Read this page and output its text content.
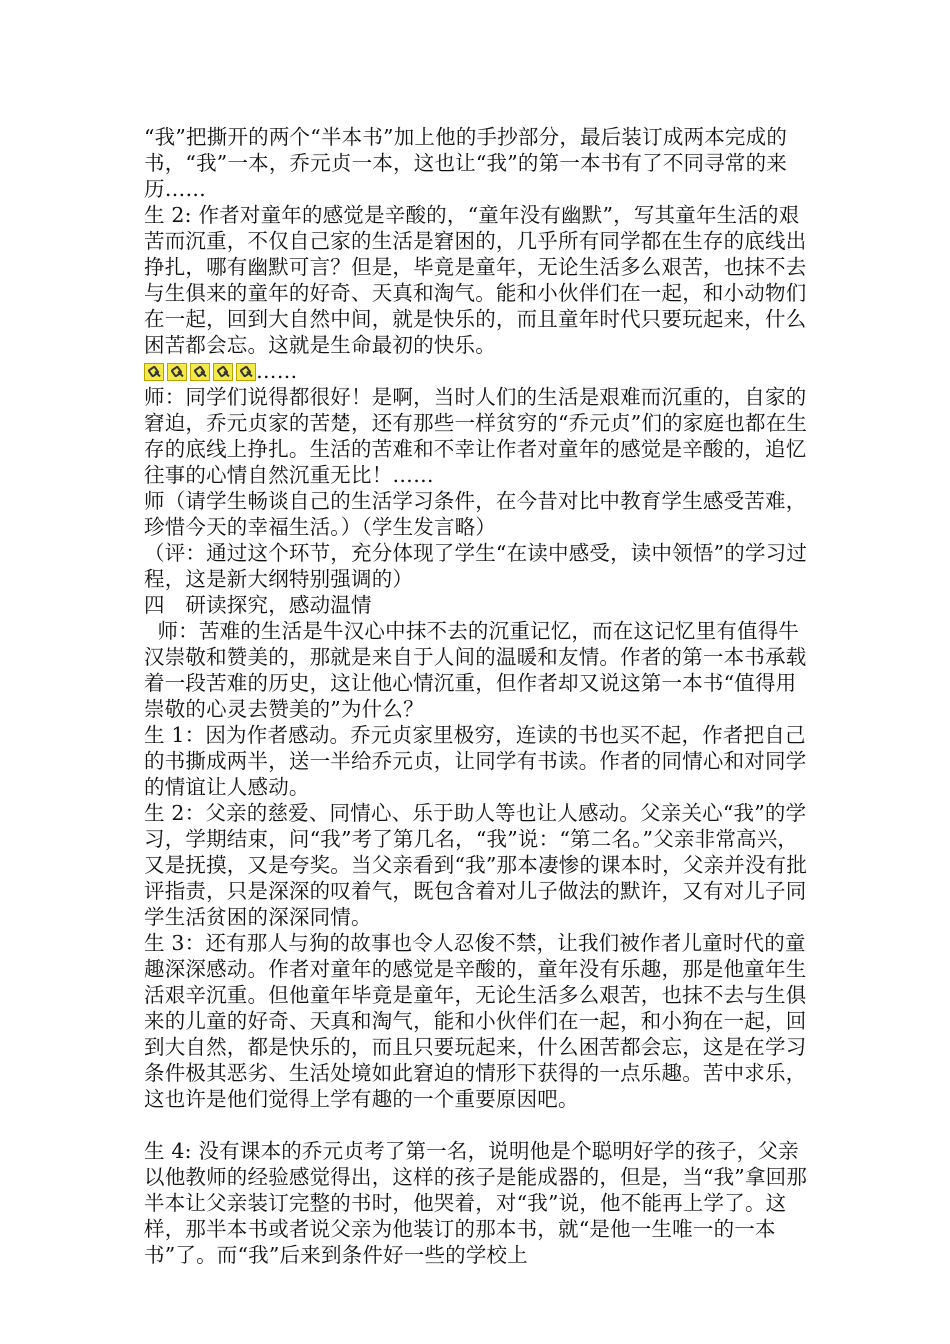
“我”把撕开的两个“半本书”加上他的手抄部分，最后装订成两本完成的书，“我”一本，乔元贞一本，这也让“我”的第一本书有了不同寻常的来历……

生 2: 作者对童年的感觉是辛酸的，“童年没有幽默”，写其童年生活的艰苦而沉重，不仅自己家的生活是窘困的，几乎所有同学都在生存的底线出挣扎，哪有幽默可言？但是，毕竟是童年，无论生活多么艰苦，也抹不去与生俱来的童年的好奇、天真和淘气。能和小伙伴们在一起，和小动物们在一起，回到大自然中间，就是快乐的，而且童年时代只要玩起来，什么困苦都会忘。这就是生命最初的快乐。

……

师：同学们说得都很好！是啊，当时人们的生活是艰难而沉重的，自家的窘迫，乔元贞家的苦楚，还有那些一样贫穷的“乔元贞”们的家庭也都在生存的底线上挣扎。生活的苦难和不幸让作者对童年的感觉是辛酸的，追忆往事的心情自然沉重无比！……

师（请学生畅谈自己的生活学习条件，在今昔对比中教育学生感受苦难，珍惜今天的幸福生活。）（学生发言略）

（评：通过这个环节，充分体现了学生“在读中感受，读中领悟”的学习过程，这是新大纲特别强调的）

四　研读探究，感动温情

师：苦难的生活是牛汉心中抹不去的沉重记忆，而在这记忆里有值得牛汉崇敬和赞美的，那就是来自于人间的温暖和友情。作者的第一本书承载着一段苦难的历史，这让他心情沉重，但作者却又说这第一本书“值得用崇敬的心灵去赞美的”为什么？

生 1：因为作者感动。乔元贞家里极穷，连读的书也买不起，作者把自己的书撕成两半，送一半给乔元贞，让同学有书读。作者的同情心和对同学的情谊让人感动。

生 2：父亲的慈爱、同情心、乐于助人等也让人感动。父亲关心“我”的学习，学期结束，问“我”考了第几名，“我”说：“第二名。”父亲非常高兴，又是抚摸，又是夸奖。当父亲看到“我”那本凄惨的课本时，父亲并没有批评指责，只是深深的叹着气，既包含着对儿子做法的默许，又有对儿子同学生活贫困的深深同情。

生 3：还有那人与狗的故事也令人忍俊不禁，让我们被作者儿童时代的童趣深深感动。作者对童年的感觉是辛酸的，童年没有乐趣，那是他童年生活艰辛沉重。但他童年毕竟是童年，无论生活多么艰苦，也抹不去与生俱来的儿童的好奇、天真和淘气，能和小伙伴们在一起，和小狗在一起，回到大自然，都是快乐的，而且只要玩起来，什么困苦都会忘，这是在学习条件极其恶劣、生活处境如此窘迫的情形下获得的一点乐趣。苦中求乐，这也许是他们觉得上学有趣的一个重要原因吧。

生 4: 没有课本的乔元贞考了第一名，说明他是个聪明好学的孩子，父亲以他教师的经验感觉得出，这样的孩子是能成器的，但是，当“我”拿回那半本让父亲装订完整的书时，他哭着，对“我”说，他不能再上学了。这样，那半本书或者说父亲为他装订的那本书，就“是他一生唯一的一本书”了。而“我”后来到条件好一些的学校上
